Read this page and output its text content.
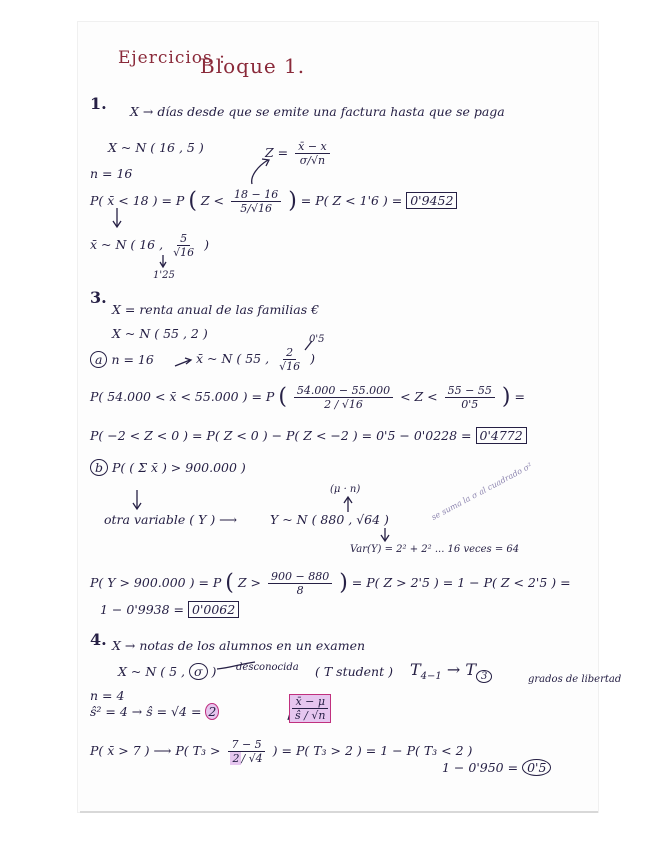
Ejercicios :
Bloque 1.
1. X → días desde que se emite una factura hasta que se paga
X ~ N ( 16 , 5 )	$Z = \frac{x̄ - x}{\sigma/√n}$
n = 16
P( x̄ < 18 ) = P ( $Z < \frac{18 - 16}{5/√16}$ ) = P( Z < 1'6 ) = 0'9452
x̄ ~ N ( 16 , $\frac{5}{√16}$ )
1'25
3.
X = renta anual de las familias €
X ~ N ( 55 , 2 )
a n = 16
0'5
x̄ ~ N ( 55 , $\frac{2}{√16}$ )
P( 54.000 < x̄ < 55.000 ) = P ( $\frac{54.000 - 55.000}{2 / √16} < Z < \frac{55 - 55}{0'5}$ ) =
P( −2 < Z < 0 ) = P( Z < 0 ) − P( Z < −2 ) = 0'5 − 0'0228 = 0'4772
b P( ( Σ x̄ ) > 900.000 )
(μ · n)
otra variable ( Y ) ⟶	Y ~ N ( 880 , √64 )	se suma la σ al cuadrado σ²
Var(Y) = 2² + 2² ... 16 veces = 64
P( Y > 900.000 ) = P ( $Z > \frac{900 - 880}{8}$ ) = P( Z > 2'5 ) = 1 − P( Z < 2'5 ) =
1 − 0'9938 = 0'0062
4. X → notas de los alumnos en un examen
X ~ N ( 5 , σ ) desconocida ( T student ) $T_{4-1} \to T$ $_3$	grados de libertad
n = 4
ŝ² = 4 → ŝ = √4 = 2	$\frac{x̄ - \mu}{ŝ / √n}$
P( x̄ > 7 ) ⟶ P( $T_3 > \frac{7 - 5}{2 / √4}$ ) = P( T₃ > 2 ) = 1 − P( T₃ < 2 )
1 − 0'950 = 0'5
